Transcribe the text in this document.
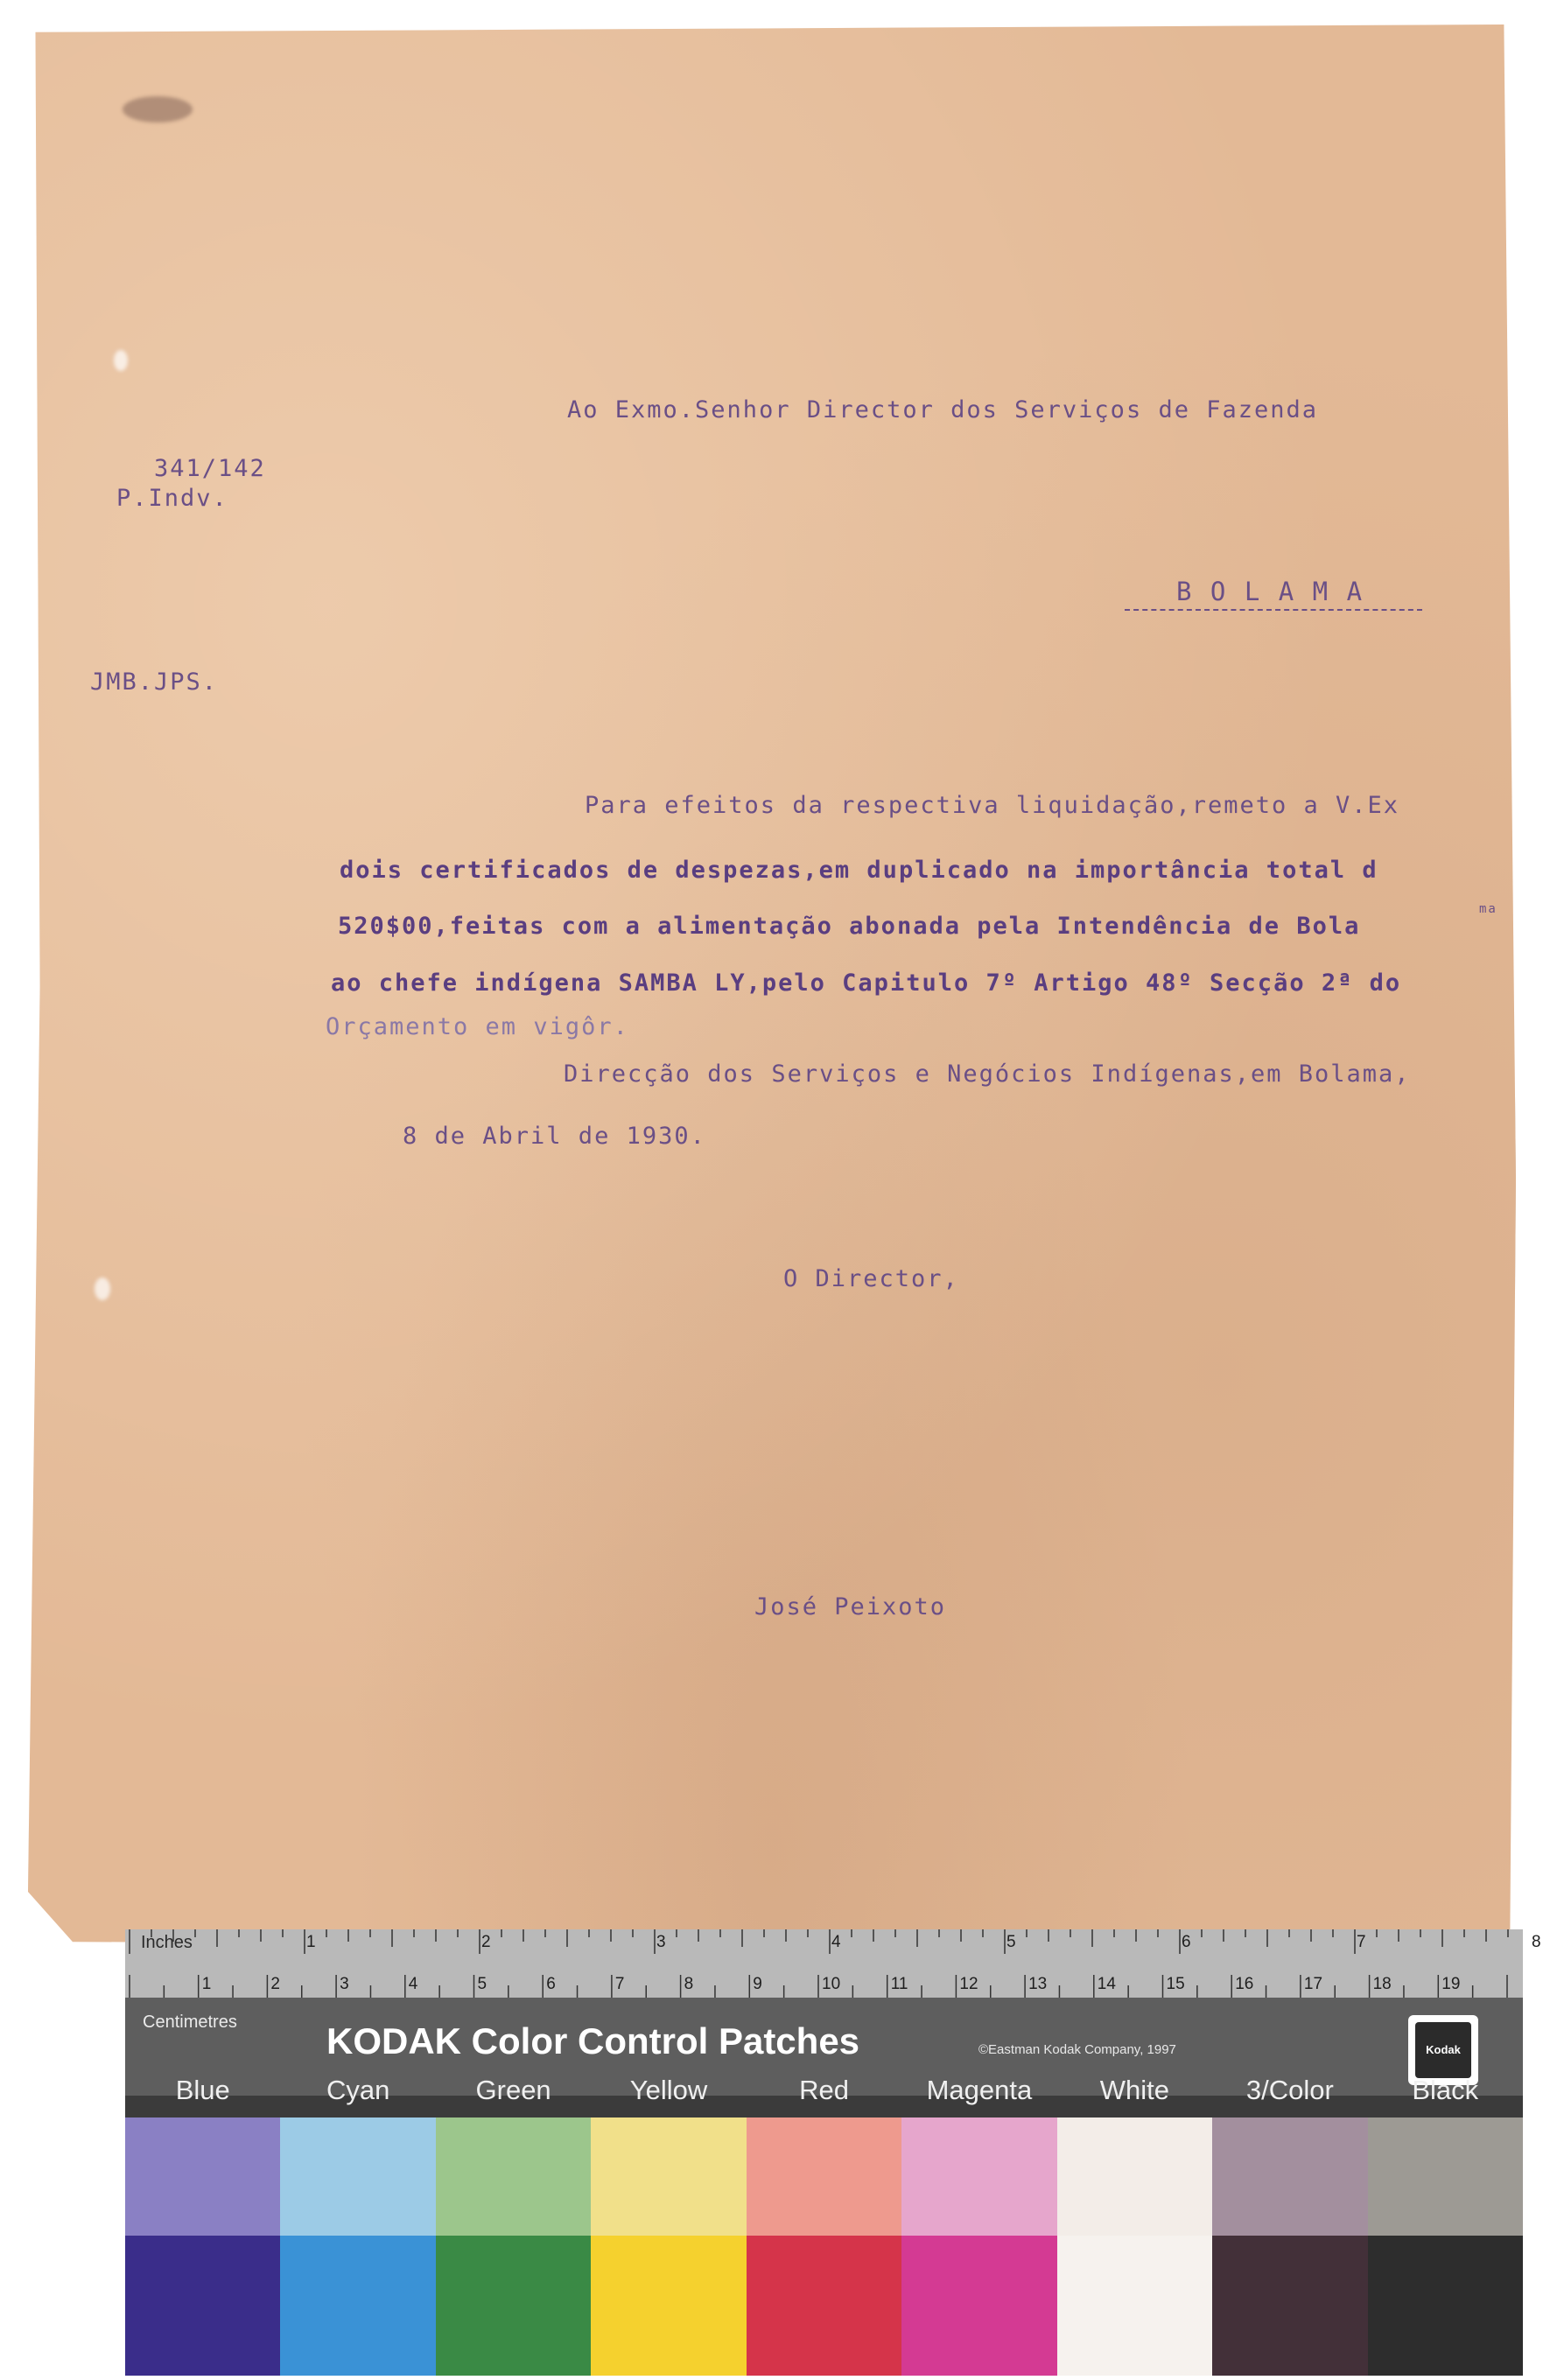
Ao Exmo.Senhor Director dos Serviços de Fazenda
341/142
P.Indv.
B O L A M A
JMB.JPS.
Para efeitos da respectiva liquidação,remeto a V.Ex
dois certificados de despezas,em duplicado na importância total d
520$00,feitas com a alimentação abonada pela Intendência de Bola
ma
ao chefe indígena SAMBA LY,pelo Capitulo 7º Artigo 48º Secção 2ª do
Orçamento em vigôr.
Direcção dos Serviços e Negócios Indígenas,em Bolama,
8 de Abril de 1930.
O Director,
José Peixoto
Inches	1	2	3	4	5	6	7	8
1	2	3	4	5	6	7	8	9	10	11	12	13	14	15	16	17	18	19
Centimetres KODAK Color Control Patches	©Eastman Kodak Company, 1997	Kodak
Blue	Cyan	Green	Yellow	Red	Magenta	White	3/Color	Black
